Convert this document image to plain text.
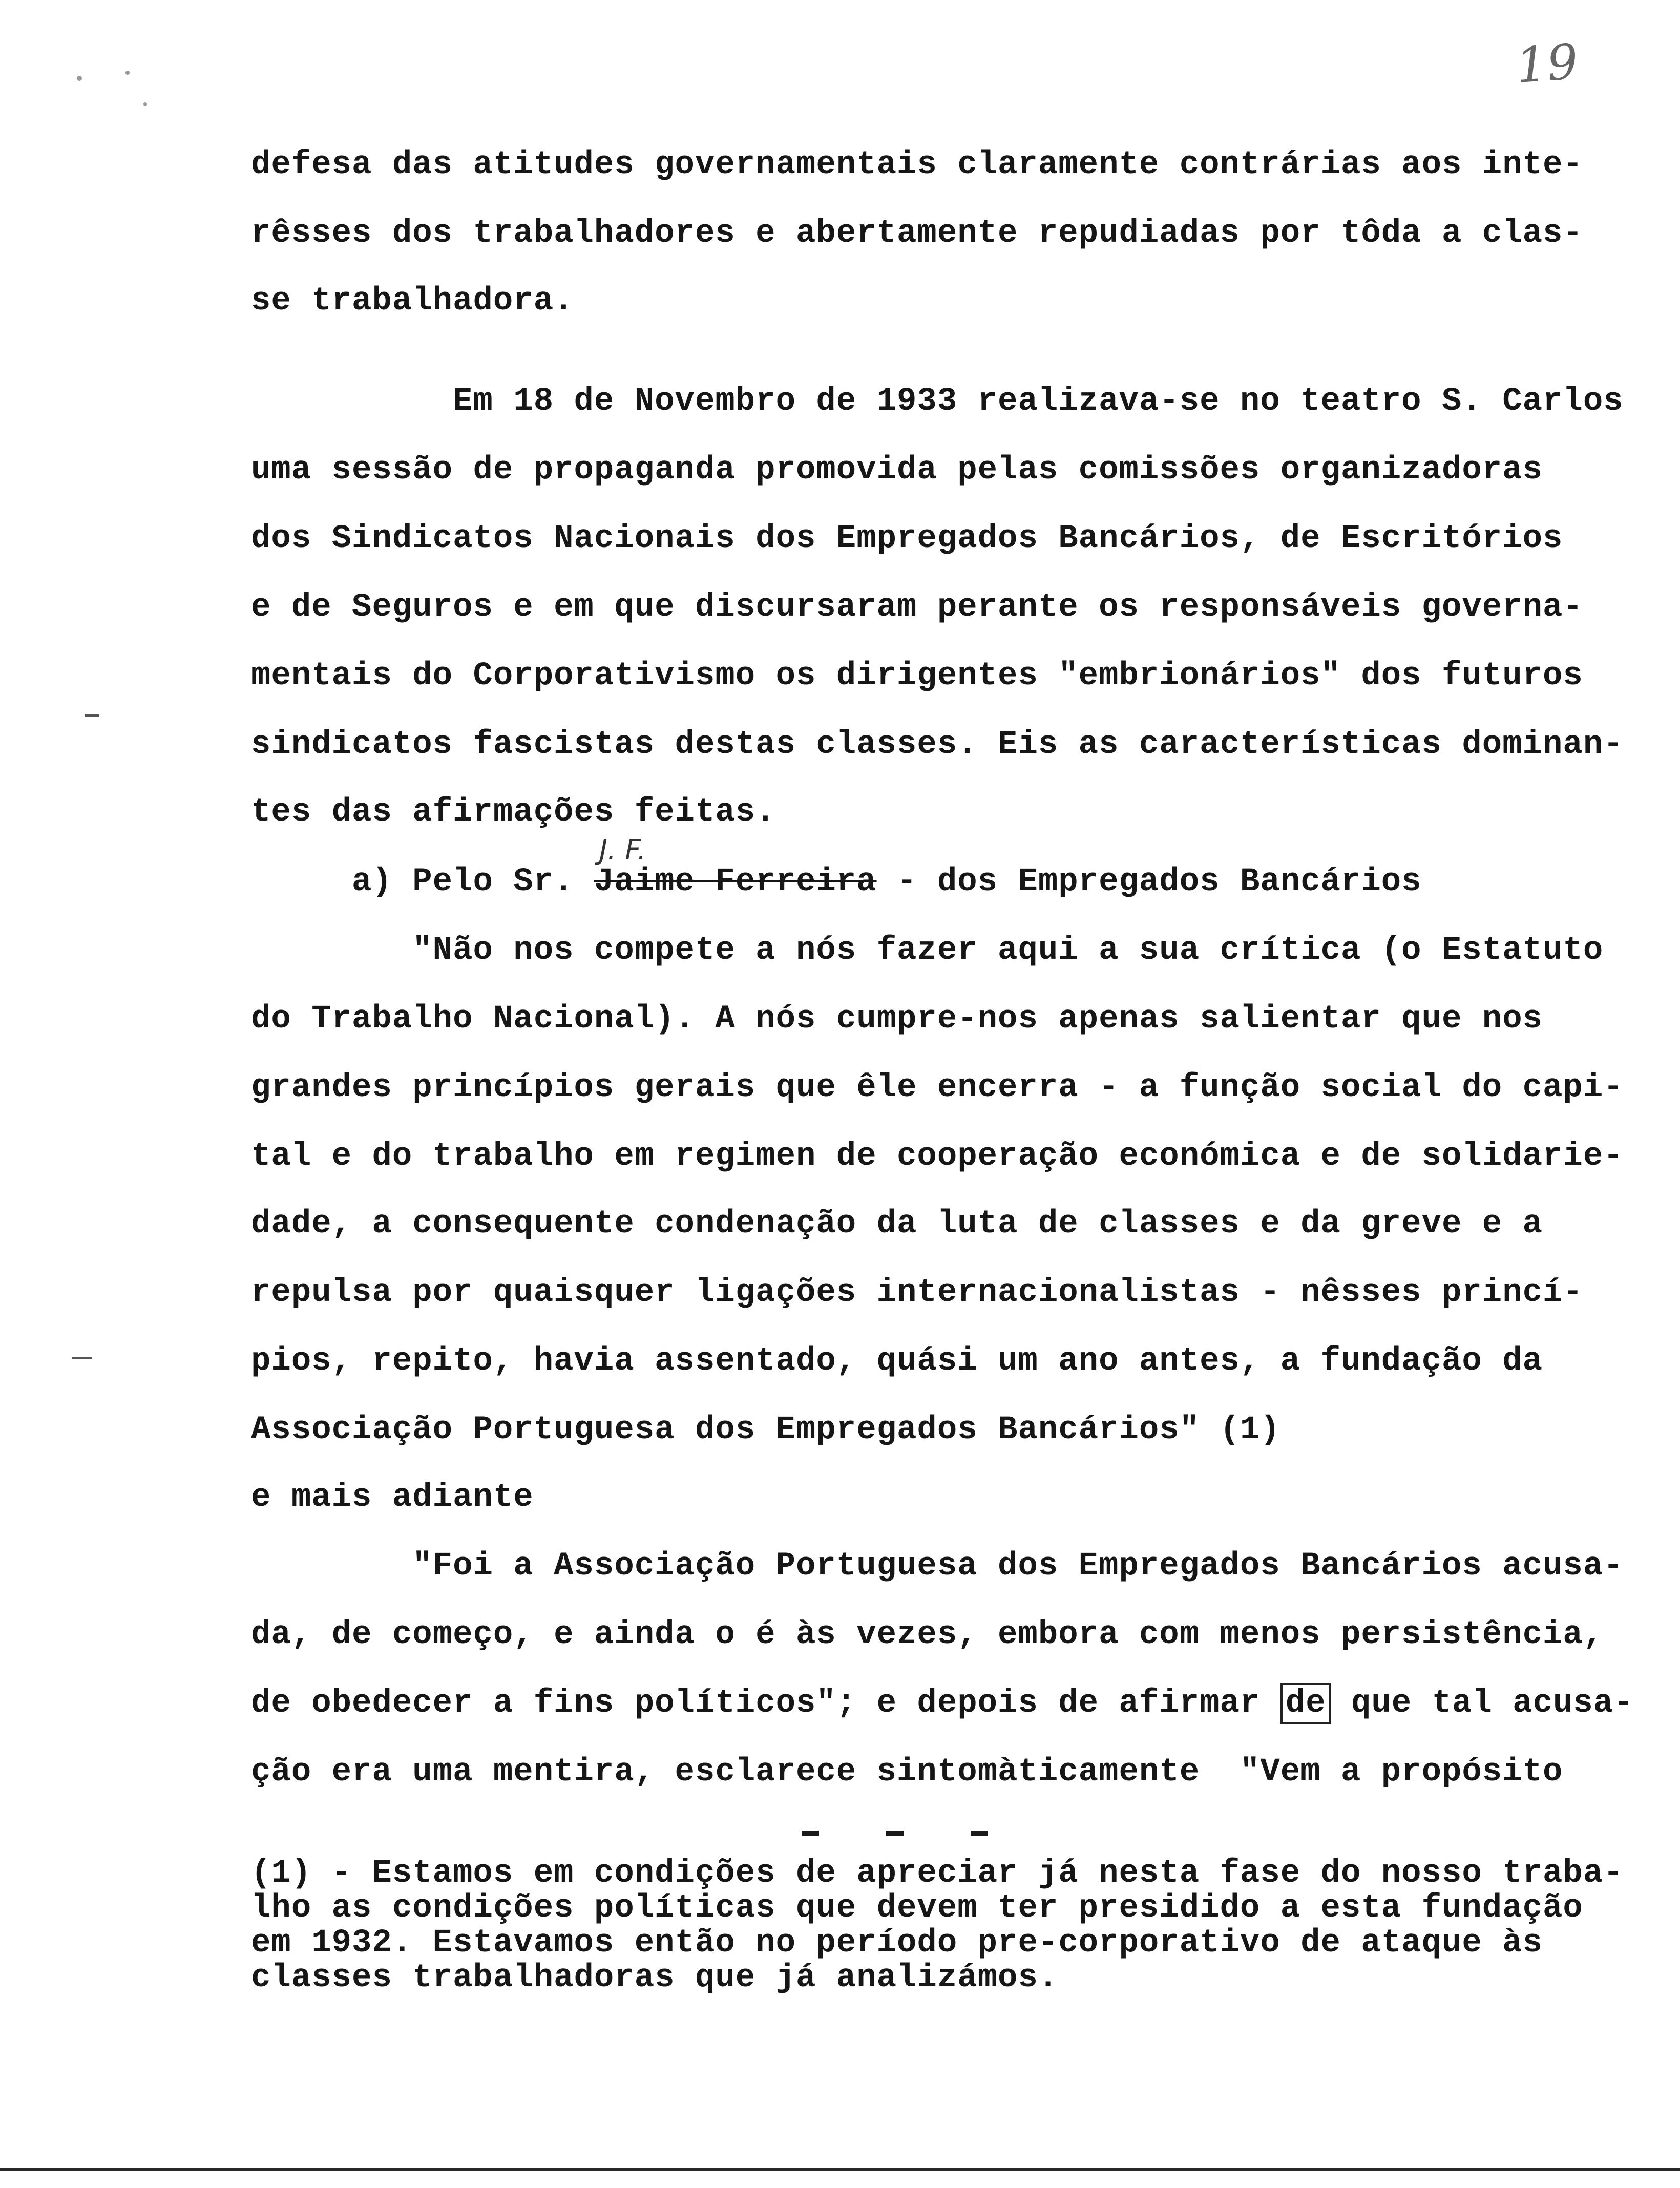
19
defesa das atitudes governamentais claramente contrárias aos inte-
rêsses dos trabalhadores e abertamente repudiadas por tôda a clas-
se trabalhadora.
Em 18 de Novembro de 1933 realizava-se no teatro S. Carlos
uma sessão de propaganda promovida pelas comissões organizadoras
dos Sindicatos Nacionais dos Empregados Bancários, de Escritórios
e de Seguros e em que discursaram perante os responsáveis governa-
mentais do Corporativismo os dirigentes "embrionários" dos futuros
sindicatos fascistas destas classes. Eis as características dominan-
tes das afirmações feitas.
J. F.
a) Pelo Sr. Jaime Ferreira - dos Empregados Bancários
"Não nos compete a nós fazer aqui a sua crítica (o Estatuto
do Trabalho Nacional). A nós cumpre-nos apenas salientar que nos
grandes princípios gerais que êle encerra - a função social do capi-
tal e do trabalho em regimen de cooperação económica e de solidarie-
dade, a consequente condenação da luta de classes e da greve e a
repulsa por quaisquer ligações internacionalistas - nêsses princí-
pios, repito, havia assentado, quási um ano antes, a fundação da
Associação Portuguesa dos Empregados Bancários" (1)
e mais adiante
"Foi a Associação Portuguesa dos Empregados Bancários acusa-
da, de começo, e ainda o é às vezes, embora com menos persistência,
de obedecer a fins políticos"; e depois de afirmar de que tal acusa-
ção era uma mentira, esclarece sintomàticamente  "Vem a propósito
(1) - Estamos em condições de apreciar já nesta fase do nosso traba-
lho as condições políticas que devem ter presidido a esta fundação
em 1932. Estavamos então no período pre-corporativo de ataque às
classes trabalhadoras que já analizámos.
